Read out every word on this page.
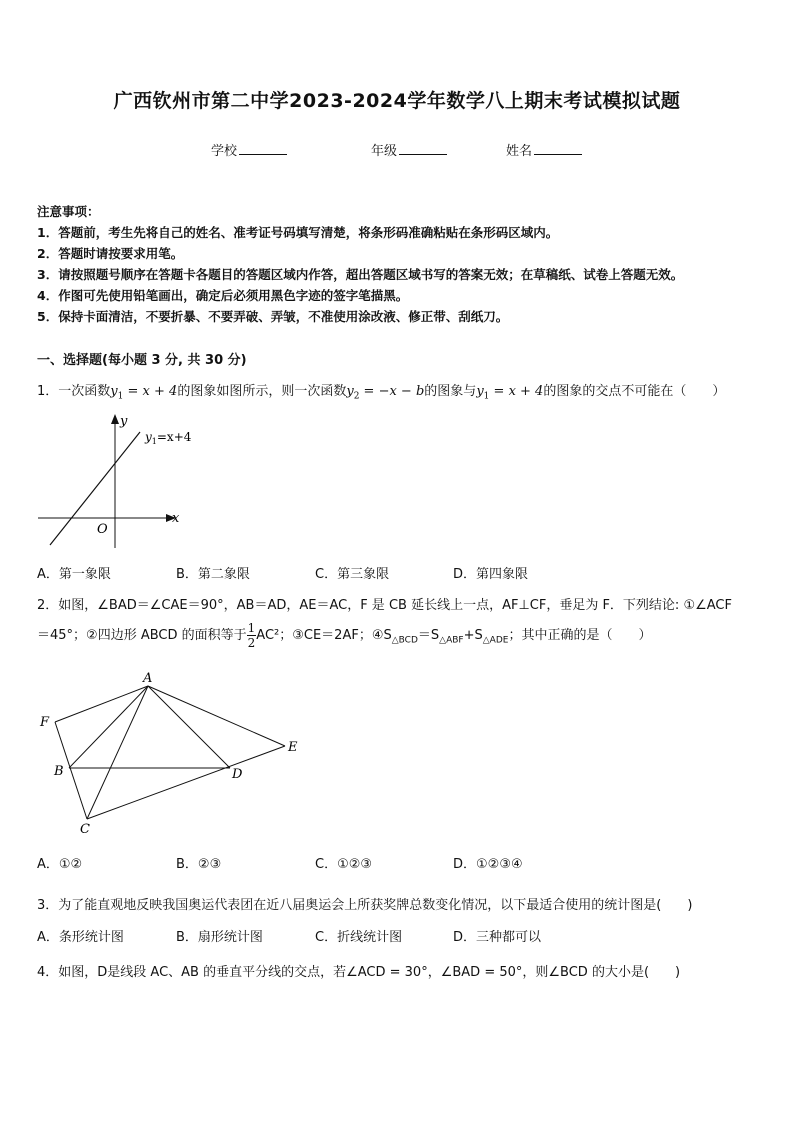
广西钦州市第二中学2023-2024学年数学八上期末考试模拟试题
学校	年级	姓名
注意事项：
1．答题前，考生先将自己的姓名、准考证号码填写清楚，将条形码准确粘贴在条形码区域内。
2．答题时请按要求用笔。
3．请按照题号顺序在答题卡各题目的答题区域内作答，超出答题区域书写的答案无效；在草稿纸、试卷上答题无效。
4．作图可先使用铅笔画出，确定后必须用黑色字迹的签字笔描黑。
5．保持卡面清洁，不要折暴、不要弄破、弄皱，不准使用涂改液、修正带、刮纸刀。
一、选择题(每小题 3 分, 共 30 分)
1．一次函数$y_1 = x + 4$的图象如图所示，则一次函数$y_2 = -x - b$的图象与$y_1 = x + 4$的图象的交点不可能在（　　）
y
x
O
$y_1=x+4$
A
F
B	D
E
C
A．第一象限	B．第二象限	C．第三象限	D．第四象限
2．如图，∠BAD＝∠CAE＝90°，AB＝AD，AE＝AC，F 是 CB 延长线上一点，AF⊥CF，垂足为 F．下列结论: ①∠ACF
＝45°；②四边形 ABCD 的面积等于 $\frac{1}{2} AC^2$；③CE＝2AF；$④S_{\triangle BCD}=S_{\triangle ABF}+S_{\triangle ADE}$；其中正确的是（　　）
A．①②	B．②③	C．①②③	D．①②③④
3．为了能直观地反映我国奥运代表团在近八届奥运会上所获奖牌总数变化情况，以下最适合使用的统计图是(　　)
A．条形统计图	B．扇形统计图	C．折线统计图	D．三种都可以
4．如图，D是线段 AC、AB 的垂直平分线的交点，若∠ACD = 30°，∠BAD = 50°，则∠BCD 的大小是(　　)
